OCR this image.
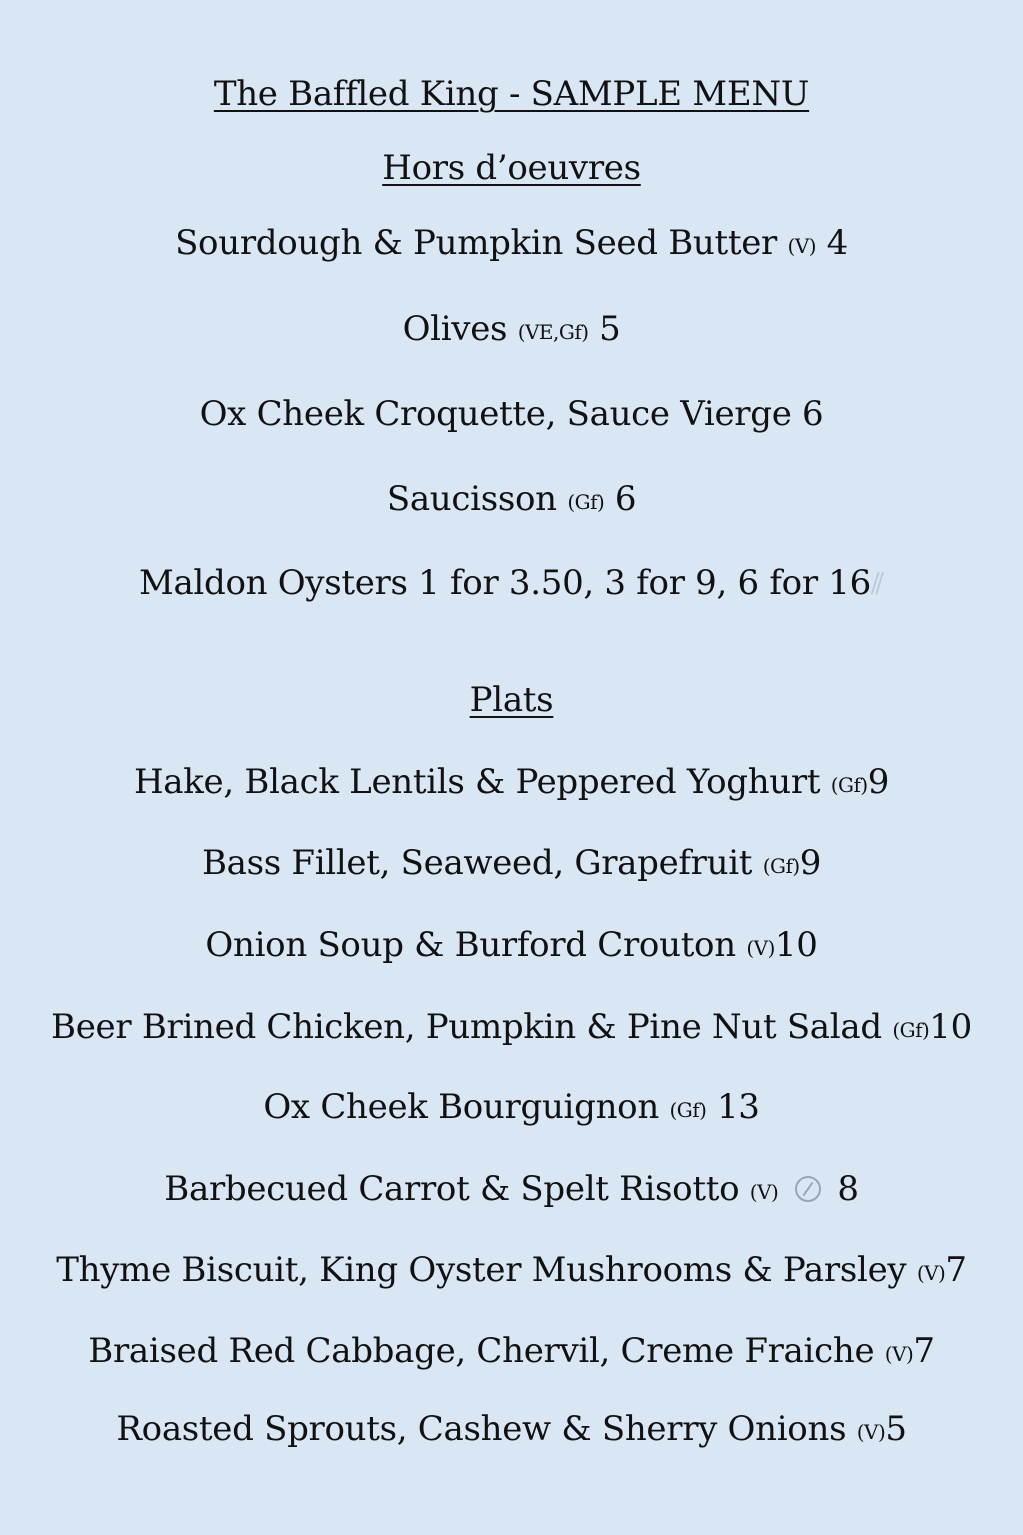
The Baffled King - SAMPLE MENU
Hors d’oeuvres
Sourdough & Pumpkin Seed Butter (V) 4
Olives (VE,Gf) 5
Ox Cheek Croquette, Sauce Vierge 6
Saucisson (Gf) 6
Maldon Oysters 1 for 3.50, 3 for 9, 6 for 16⫽
Plats
Hake, Black Lentils & Peppered Yoghurt (Gf)9
Bass Fillet, Seaweed, Grapefruit (Gf)9
Onion Soup & Burford Crouton (V)10
Beer Brined Chicken, Pumpkin & Pine Nut Salad (Gf)10
Ox Cheek Bourguignon (Gf) 13
Barbecued Carrot & Spelt Risotto (V) 8
Thyme Biscuit, King Oyster Mushrooms & Parsley (V)7
Braised Red Cabbage, Chervil, Creme Fraiche (V)7
Roasted Sprouts, Cashew & Sherry Onions (V)5
